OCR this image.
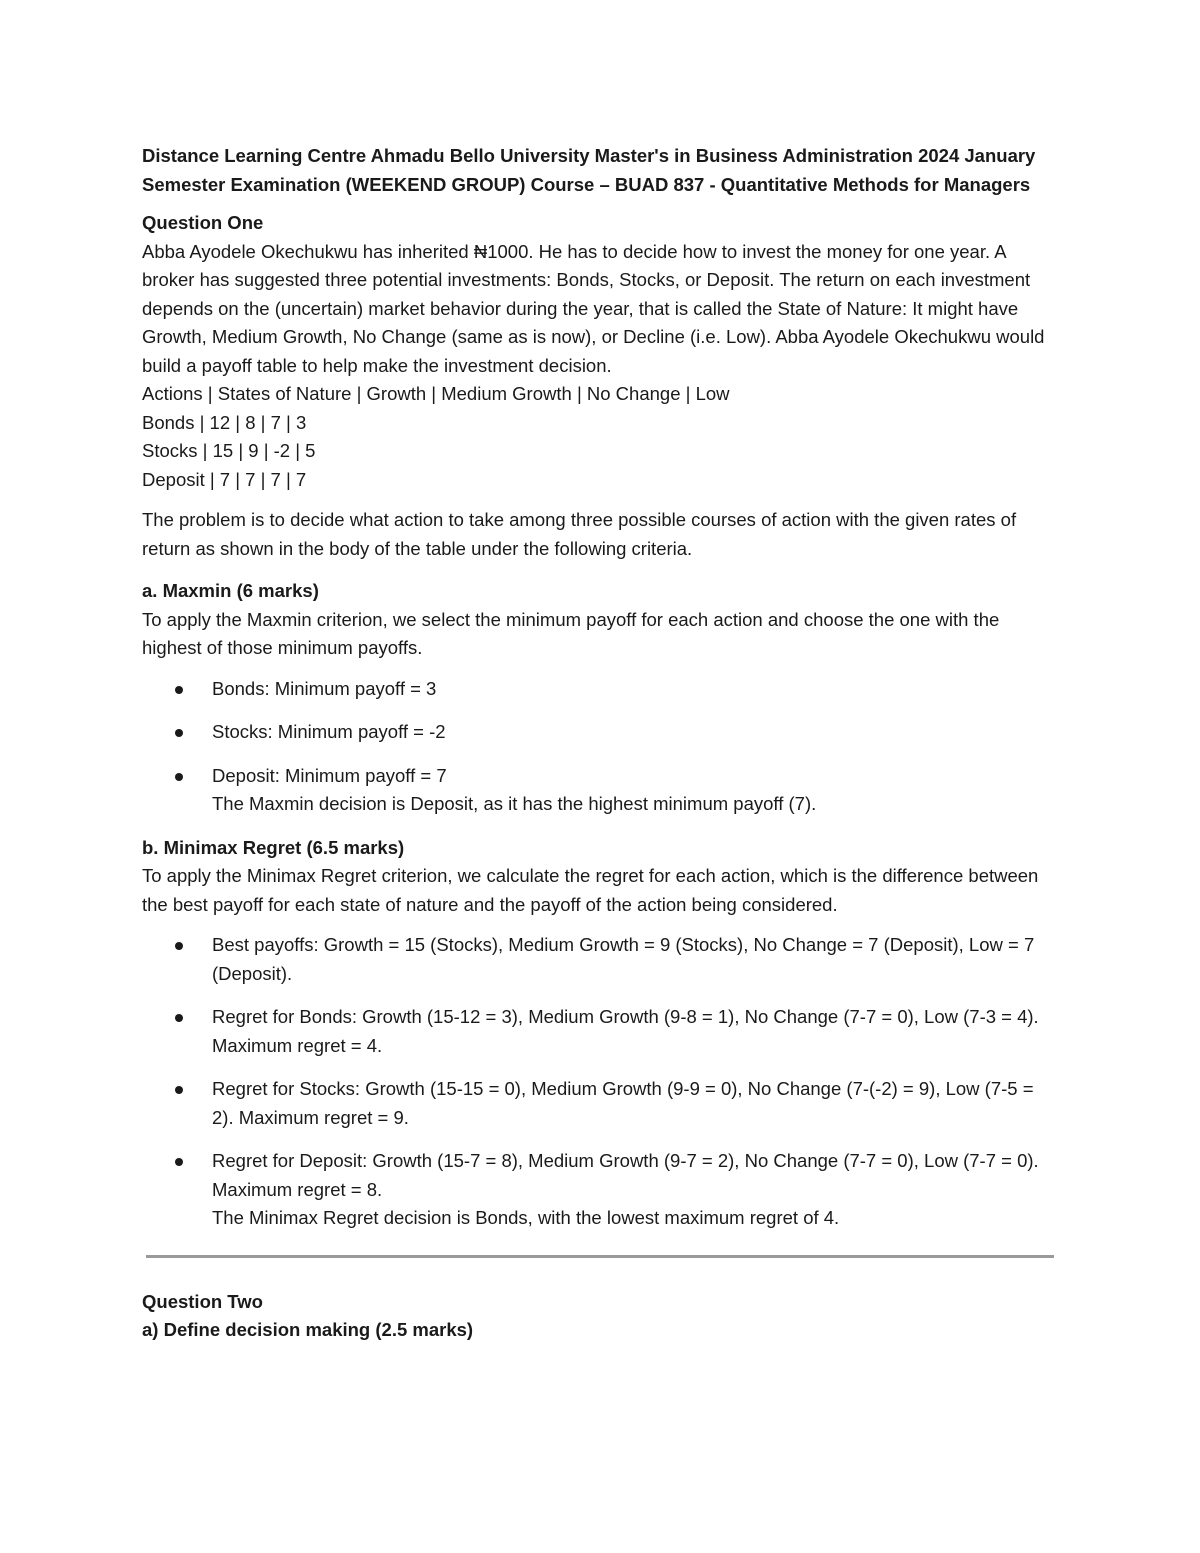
Distance Learning Centre Ahmadu Bello University Master's in Business Administration 2024 January Semester Examination (WEEKEND GROUP) Course – BUAD 837 - Quantitative Methods for Managers

Question One

Abba Ayodele Okechukwu has inherited ₦1000. He has to decide how to invest the money for one year. A broker has suggested three potential investments: Bonds, Stocks, or Deposit. The return on each investment depends on the (uncertain) market behavior during the year, that is called the State of Nature: It might have Growth, Medium Growth, No Change (same as is now), or Decline (i.e. Low). Abba Ayodele Okechukwu would build a payoff table to help make the investment decision.

Actions | States of Nature | Growth | Medium Growth | No Change | Low

Bonds | 12 | 8 | 7 | 3

Stocks | 15 | 9 | -2 | 5

Deposit | 7 | 7 | 7 | 7

The problem is to decide what action to take among three possible courses of action with the given rates of return as shown in the body of the table under the following criteria.

a. Maxmin (6 marks)

To apply the Maxmin criterion, we select the minimum payoff for each action and choose the one with the highest of those minimum payoffs.

Bonds: Minimum payoff = 3
Stocks: Minimum payoff = -2
Deposit: Minimum payoff = 7
The Maxmin decision is Deposit, as it has the highest minimum payoff (7).

b. Minimax Regret (6.5 marks)

To apply the Minimax Regret criterion, we calculate the regret for each action, which is the difference between the best payoff for each state of nature and the payoff of the action being considered.

Best payoffs: Growth = 15 (Stocks), Medium Growth = 9 (Stocks), No Change = 7 (Deposit), Low = 7 (Deposit).
Regret for Bonds: Growth (15-12 = 3), Medium Growth (9-8 = 1), No Change (7-7 = 0), Low (7-3 = 4). Maximum regret = 4.
Regret for Stocks: Growth (15-15 = 0), Medium Growth (9-9 = 0), No Change (7-(-2) = 9), Low (7-5 = 2). Maximum regret = 9.
Regret for Deposit: Growth (15-7 = 8), Medium Growth (9-7 = 2), No Change (7-7 = 0), Low (7-7 = 0). Maximum regret = 8.
The Minimax Regret decision is Bonds, with the lowest maximum regret of 4.

Question Two

a) Define decision making (2.5 marks)
